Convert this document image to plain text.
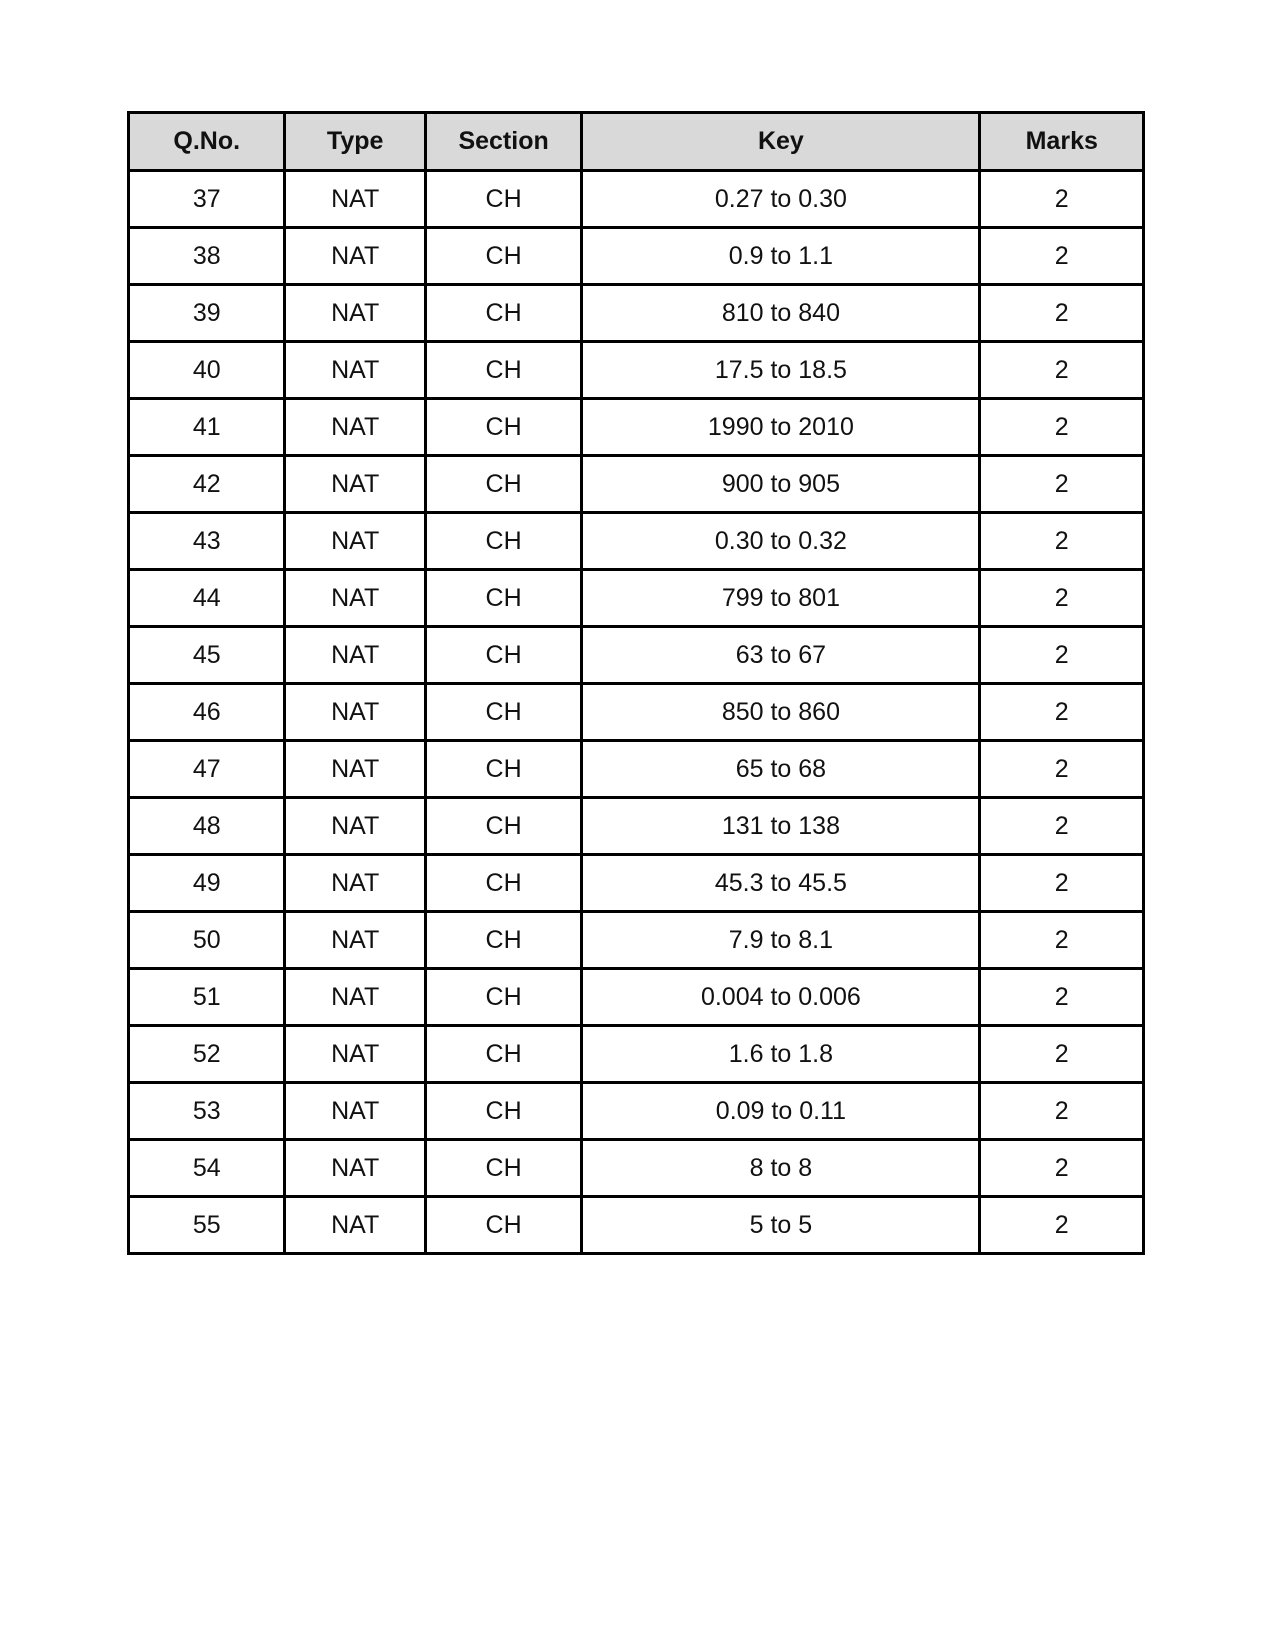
Q.No.	Type	Section	Key	Marks
37	NAT	CH	0.27 to 0.30	2
38	NAT	CH	0.9 to 1.1	2
39	NAT	CH	810 to 840	2
40	NAT	CH	17.5 to 18.5	2
41	NAT	CH	1990 to 2010	2
42	NAT	CH	900 to 905	2
43	NAT	CH	0.30 to 0.32	2
44	NAT	CH	799 to 801	2
45	NAT	CH	63 to 67	2
46	NAT	CH	850 to 860	2
47	NAT	CH	65 to 68	2
48	NAT	CH	131 to 138	2
49	NAT	CH	45.3 to 45.5	2
50	NAT	CH	7.9 to 8.1	2
51	NAT	CH	0.004 to 0.006	2
52	NAT	CH	1.6 to 1.8	2
53	NAT	CH	0.09 to 0.11	2
54	NAT	CH	8 to 8	2
55	NAT	CH	5 to 5	2
